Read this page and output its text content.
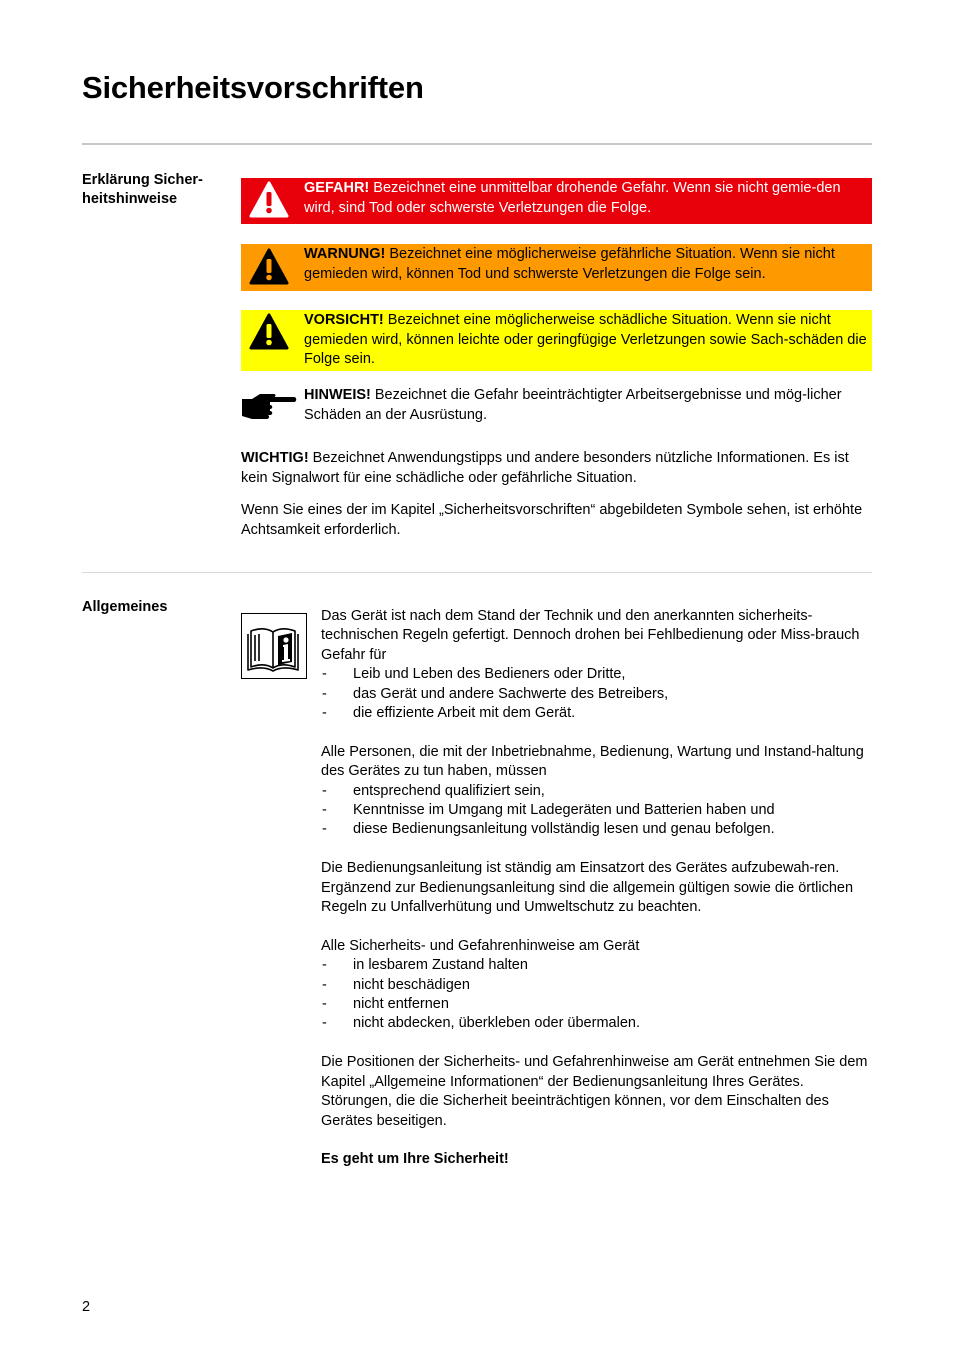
Sicherheitsvorschriften
Erklärung Sicher-
heitshinweise
GEFAHR! Bezeichnet eine unmittelbar drohende Gefahr. Wenn sie nicht gemie-den wird, sind Tod oder schwerste Verletzungen die Folge.
WARNUNG! Bezeichnet eine möglicherweise gefährliche Situation. Wenn sie nicht gemieden wird, können Tod und schwerste Verletzungen die Folge sein.
VORSICHT! Bezeichnet eine möglicherweise schädliche Situation. Wenn sie nicht gemieden wird, können leichte oder geringfügige Verletzungen sowie Sach-schäden die Folge sein.
HINWEIS! Bezeichnet die Gefahr beeinträchtigter Arbeitsergebnisse und mög-licher Schäden an der Ausrüstung.

WICHTIG! Bezeichnet Anwendungstipps und andere besonders nützliche Informationen. Es ist kein Signalwort für eine schädliche oder gefährliche Situation.

Wenn Sie eines der im Kapitel „Sicherheitsvorschriften“ abgebildeten Symbole sehen, ist erhöhte Achtsamkeit erforderlich.

Allgemeines

Das Gerät ist nach dem Stand der Technik und den anerkannten sicherheits-technischen Regeln gefertigt. Dennoch drohen bei Fehlbedienung oder Miss-brauch Gefahr für

- Leib und Leben des Bedieners oder Dritte,
- das Gerät und andere Sachwerte des Betreibers,
- die effiziente Arbeit mit dem Gerät.

Alle Personen, die mit der Inbetriebnahme, Bedienung, Wartung und Instand-haltung des Gerätes zu tun haben, müssen

- entsprechend qualifiziert sein,
- Kenntnisse im Umgang mit Ladegeräten und Batterien haben und
- diese Bedienungsanleitung vollständig lesen und genau befolgen.

Die Bedienungsanleitung ist ständig am Einsatzort des Gerätes aufzubewah-ren. Ergänzend zur Bedienungsanleitung sind die allgemein gültigen sowie die örtlichen Regeln zu Unfallverhütung und Umweltschutz zu beachten.

Alle Sicherheits- und Gefahrenhinweise am Gerät

- in lesbarem Zustand halten
- nicht beschädigen
- nicht entfernen
- nicht abdecken, überkleben oder übermalen.

Die Positionen der Sicherheits- und Gefahrenhinweise am Gerät entnehmen Sie dem Kapitel „Allgemeine Informationen“ der Bedienungsanleitung Ihres Gerätes.

Störungen, die die Sicherheit beeinträchtigen können, vor dem Einschalten des Gerätes beseitigen.

Es geht um Ihre Sicherheit!

2
